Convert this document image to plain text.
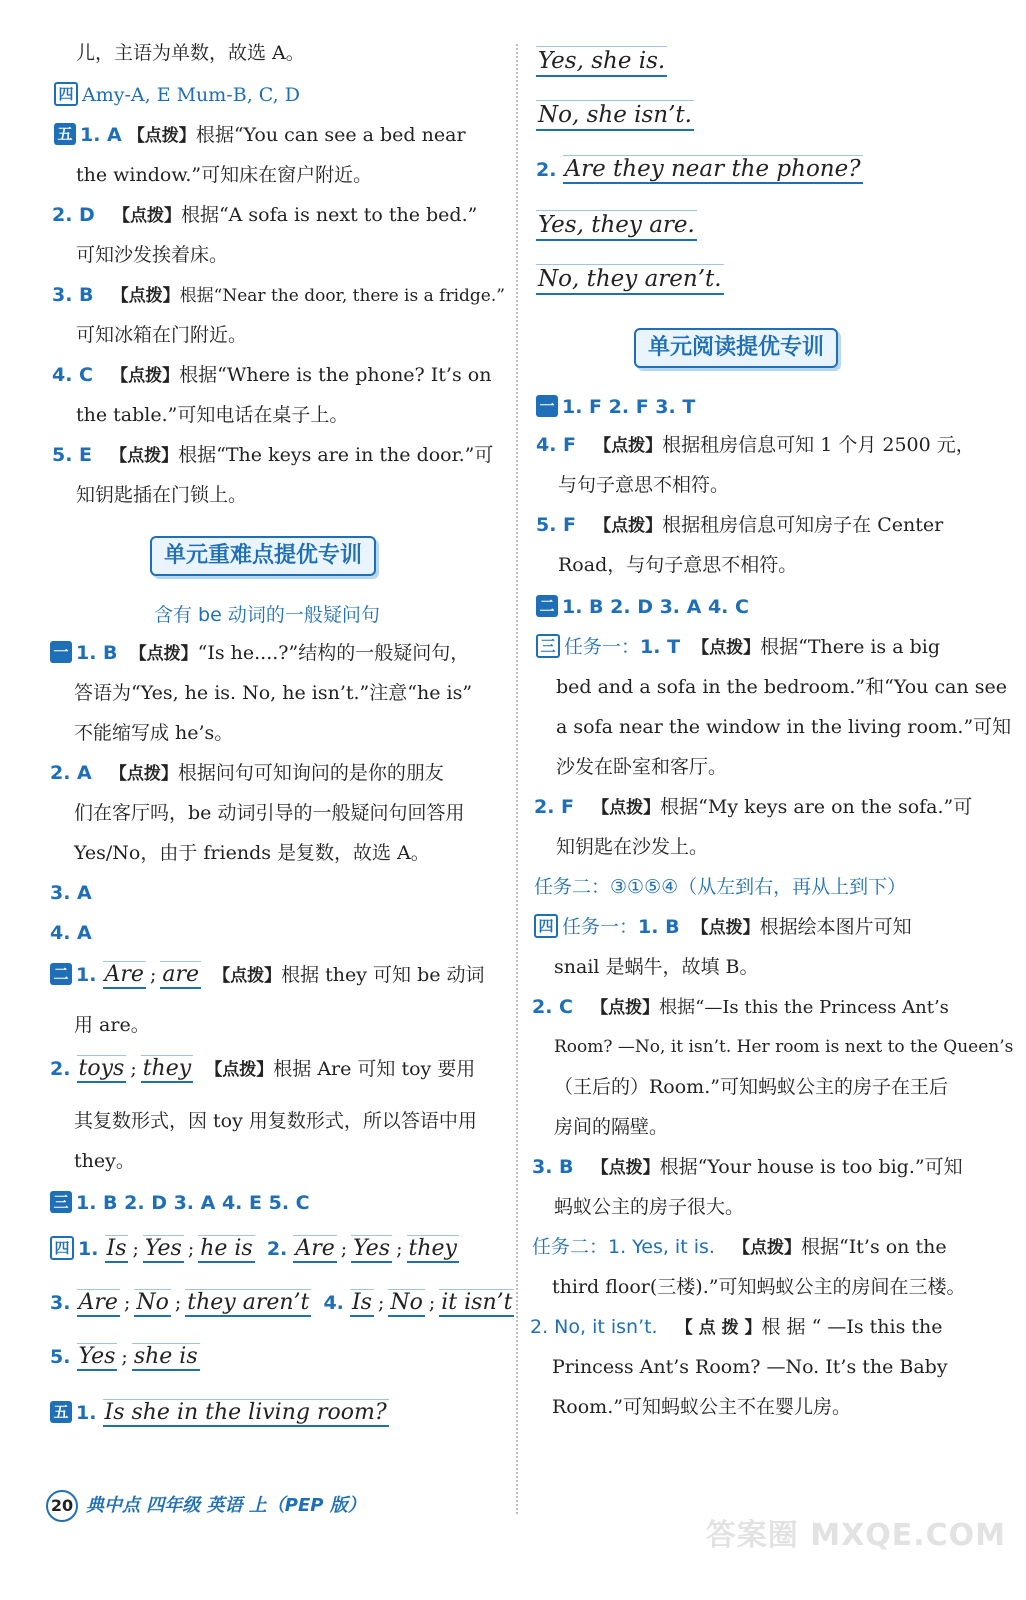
儿，主语为单数，故选 A。
四 Amy-A, E Mum-B, C, D
五 1. A 【点拨】根据“You can see a bed near
the window.”可知床在窗户附近。
2. D 【点拨】根据“A sofa is next to the bed.”
可知沙发挨着床。
3. B 【点拨】根据“Near the door, there is a fridge.”
可知冰箱在门附近。
4. C 【点拨】根据“Where is the phone? It’s on
the table.”可知电话在桌子上。
5. E 【点拨】根据“The keys are in the door.”可
知钥匙插在门锁上。
单元重难点提优专训
含有 be 动词的一般疑问句
一 1. B 【点拨】“Is he....?”结构的一般疑问句，
答语为“Yes, he is. No, he isn’t.”注意“he is”
不能缩写成 he’s。
2. A 【点拨】根据问句可知询问的是你的朋友
们在客厅吗，be 动词引导的一般疑问句回答用
Yes/No，由于 friends 是复数，故选 A。
3. A
4. A
二 1. Are ; are 【点拨】根据 they 可知 be 动词
用 are。
2. toys ; they 【点拨】根据 Are 可知 toy 要用
其复数形式，因 toy 用复数形式，所以答语中用
they。
三 1. B 2. D 3. A 4. E 5. C
四 1. Is ; Yes ; he is 2. Are ; Yes ; they
3. Are ; No ; they aren’t 4. Is ; No ; it isn’t
5. Yes ; she is
五 1. Is she in the living room?
Yes, she is.
No, she isn’t.
2. Are they near the phone?
Yes, they are.
No, they aren’t.
单元阅读提优专训
一 1. F 2. F 3. T
4. F 【点拨】根据租房信息可知 1 个月 2500 元，
与句子意思不相符。
5. F 【点拨】根据租房信息可知房子在 Center
Road，与句子意思不相符。
二 1. B 2. D 3. A 4. C
三 任务一：1. T 【点拨】根据“There is a big
bed and a sofa in the bedroom.”和“You can see
a sofa near the window in the living room.”可知
沙发在卧室和客厅。
2. F 【点拨】根据“My keys are on the sofa.”可
知钥匙在沙发上。
任务二：③①⑤④（从左到右，再从上到下）
四 任务一：1. B 【点拨】根据绘本图片可知
snail 是蜗牛，故填 B。
2. C 【点拨】根据“—Is this the Princess Ant’s
Room? —No, it isn’t. Her room is next to the Queen’s
（王后的）Room.”可知蚂蚁公主的房子在王后
房间的隔壁。
3. B 【点拨】根据“Your house is too big.”可知
蚂蚁公主的房子很大。
任务二：1. Yes, it is. 【点拨】根据“It’s on the
third floor(三楼).”可知蚂蚁公主的房间在三楼。
2. No, it isn’t. 【 点 拨 】根 据 “ —Is this the
Princess Ant’s Room? —No. It’s the Baby
Room.”可知蚂蚁公主不在婴儿房。
20 典中点 四年级 英语 上（PEP 版）
答案圈 MXQE.COM
